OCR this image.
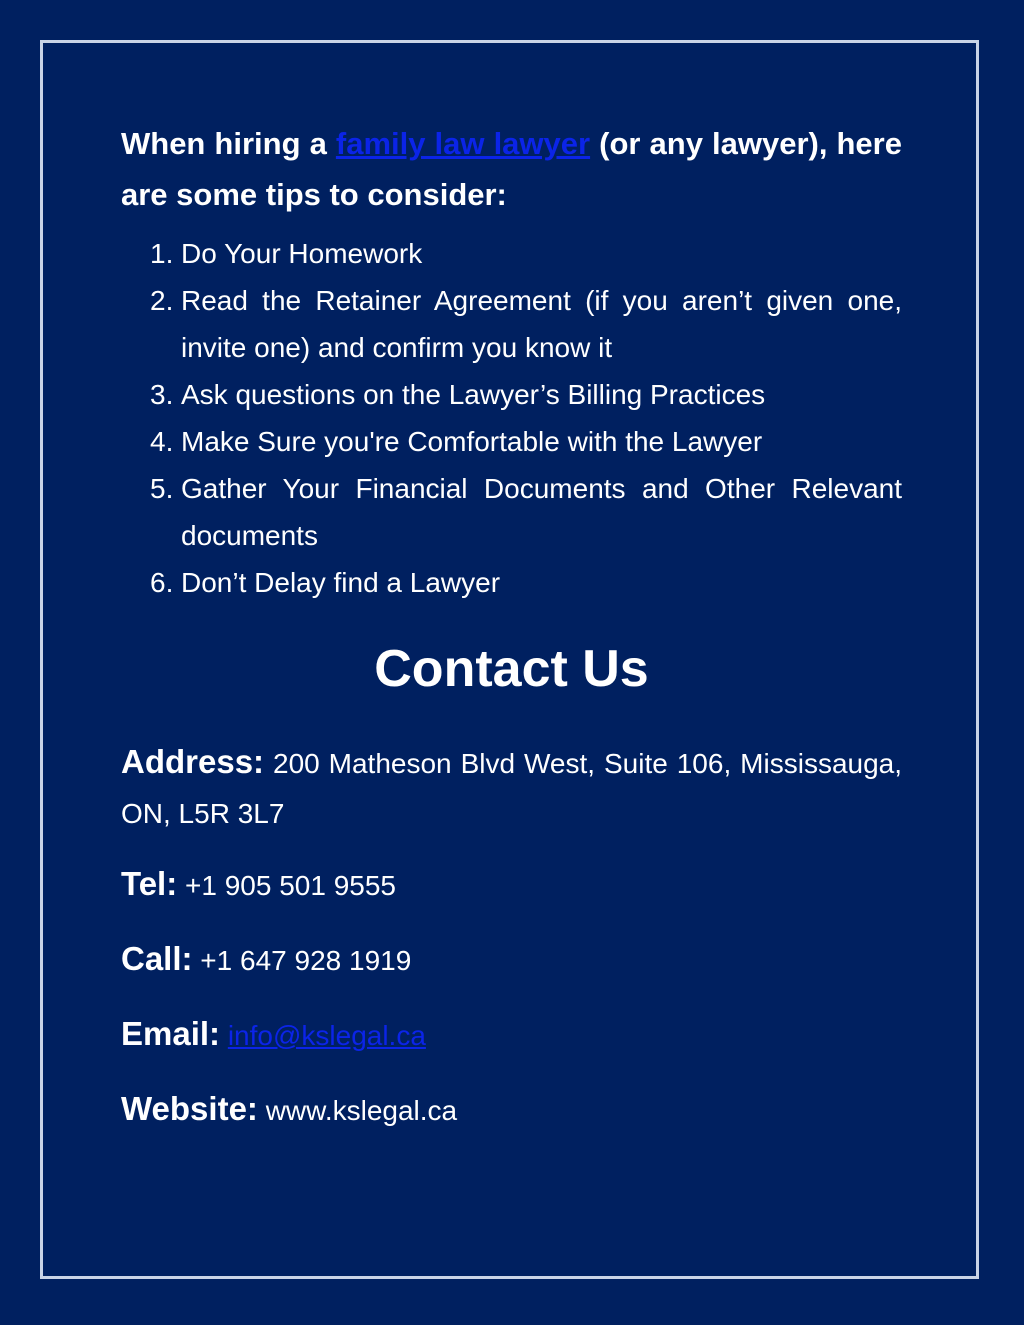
When hiring a family law lawyer (or any lawyer), here are some tips to consider:

1. Do Your Homework
2. Read the Retainer Agreement (if you aren’t given one, invite one) and confirm you know it
3. Ask questions on the Lawyer’s Billing Practices
4. Make Sure you're Comfortable with the Lawyer
5. Gather Your Financial Documents and Other Relevant documents
6. Don’t Delay find a Lawyer
Contact Us

Address: 200 Matheson Blvd West, Suite 106, Mississauga, ON, L5R 3L7

Tel: +1 905 501 9555

Call: +1 647 928 1919

Email: info@kslegal.ca

Website: www.kslegal.ca
